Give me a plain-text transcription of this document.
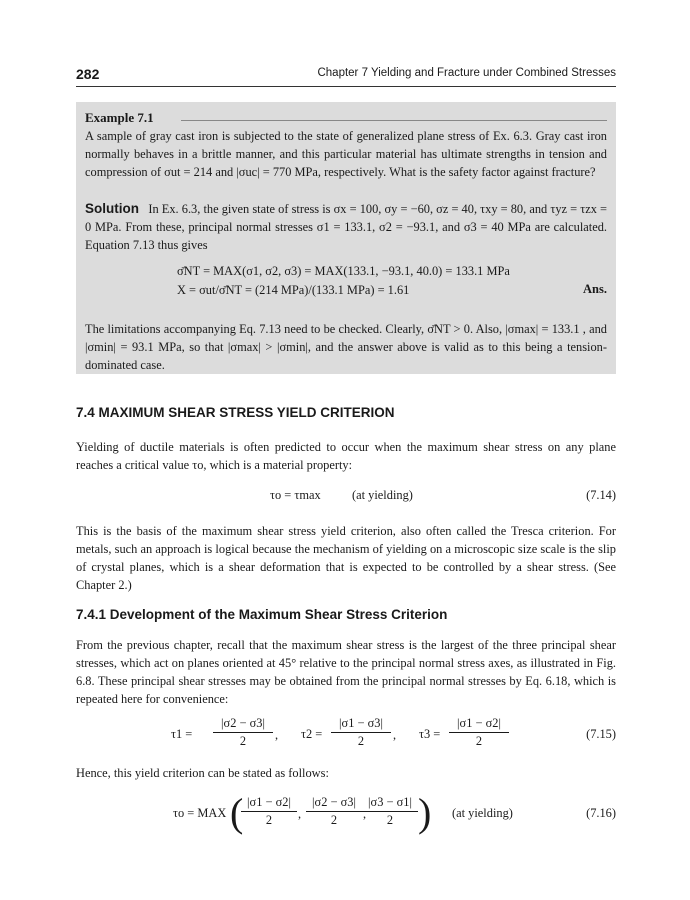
282	Chapter 7 Yielding and Fracture under Combined Stresses
Example 7.1

A sample of gray cast iron is subjected to the state of generalized plane stress of Ex. 6.3. Gray cast iron normally behaves in a brittle manner, and this particular material has ultimate strengths in tension and compression of σut = 214 and |σuc| = 770 MPa, respectively. What is the safety factor against fracture?

Solution In Ex. 6.3, the given state of stress is σx = 100, σy = −60, σz = 40, τxy = 80, and τyz = τzx = 0 MPa. From these, principal normal stresses σ1 = 133.1, σ2 = −93.1, and σ3 = 40 MPa are calculated. Equation 7.13 thus gives

σ̄NT = MAX(σ1, σ2, σ3) = MAX(133.1, −93.1, 40.0) = 133.1 MPa
X = σut/σ̄NT = (214 MPa)/(133.1 MPa) = 1.61	Ans.

The limitations accompanying Eq. 7.13 need to be checked. Clearly, σ̄NT > 0. Also, |σmax| = 133.1 , and |σmin| = 93.1 MPa, so that |σmax| > |σmin|, and the answer above is valid as to this being a tension-dominated case.

7.4 MAXIMUM SHEAR STRESS YIELD CRITERION

Yielding of ductile materials is often predicted to occur when the maximum shear stress on any plane reaches a critical value τo, which is a material property:

τo = τmax	(at yielding)	(7.14)

This is the basis of the maximum shear stress yield criterion, also often called the Tresca criterion. For metals, such an approach is logical because the mechanism of yielding on a microscopic size scale is the slip of crystal planes, which is a shear deformation that is expected to be controlled by a shear stress. (See Chapter 2.)

7.4.1 Development of the Maximum Shear Stress Criterion

From the previous chapter, recall that the maximum shear stress is the largest of the three principal shear stresses, which act on planes oriented at 45° relative to the principal normal stress axes, as illustrated in Fig. 6.8. These principal shear stresses may be obtained from the principal normal stresses by Eq. 6.18, which is repeated here for convenience:

$\tau 1 = \frac{|\sigma 2 - \sigma 3|}{2}$ , $\tau 2 = \frac{|\sigma 1 - \sigma 3|}{2}$ , $\tau 3 = \frac{|\sigma 1 - \sigma 2|}{2}$	(7.15)

Hence, this yield criterion can be stated as follows:

τo = MAX (
$\frac{|\sigma 1 - \sigma 2|}{2}$ , $\frac{|\sigma 2 - \sigma 3|}{2}$ ,
$\frac{|\sigma 3 - \sigma 1|}{2}$ ) (at yielding)	(7.16)
